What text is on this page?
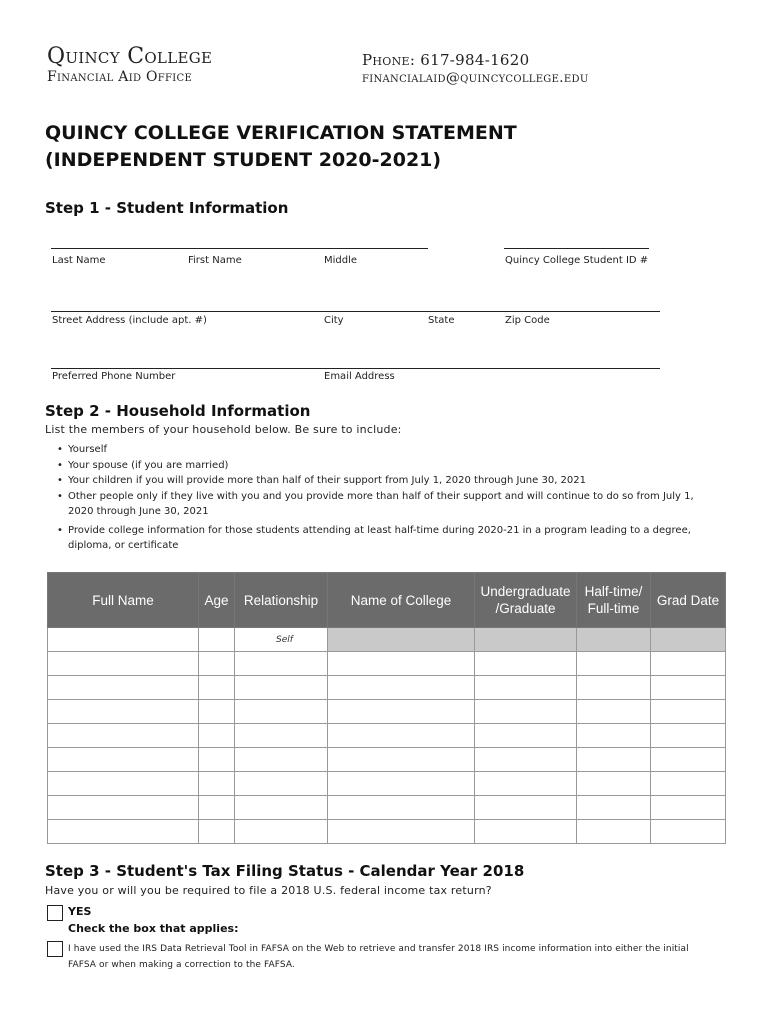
Quincy College
Financial Aid Office
Phone: 617-984-1620
financialaid@quincycollege.edu
QUINCY COLLEGE VERIFICATION STATEMENT
(INDEPENDENT STUDENT 2020-2021)
Step 1 - Student Information
Last Name	First Name	Middle	Quincy College Student ID #
Street Address (include apt. #)	City	State	Zip Code
Preferred Phone Number	Email Address
Step 2 - Household Information
List the members of your household below. Be sure to include:
• Yourself
• Your spouse (if you are married)
• Your children if you will provide more than half of their support from July 1, 2020 through June 30, 2021
• Other people only if they live with you and you provide more than half of their support and will continue to do so from July 1, 2020 through June 30, 2021
• Provide college information for those students attending at least half-time during 2020-21 in a program leading to a degree, diploma, or certificate
Full Name	Age	Relationship	Name of College	Undergraduate /Graduate	Half-time/ Full-time	Grad Date
		Self				

Step 3 - Student's Tax Filing Status - Calendar Year 2018
Have you or will you be required to file a 2018 U.S. federal income tax return?
YES
Check the box that applies:
I have used the IRS Data Retrieval Tool in FAFSA on the Web to retrieve and transfer 2018 IRS income information into either the initial FAFSA or when making a correction to the FAFSA.
